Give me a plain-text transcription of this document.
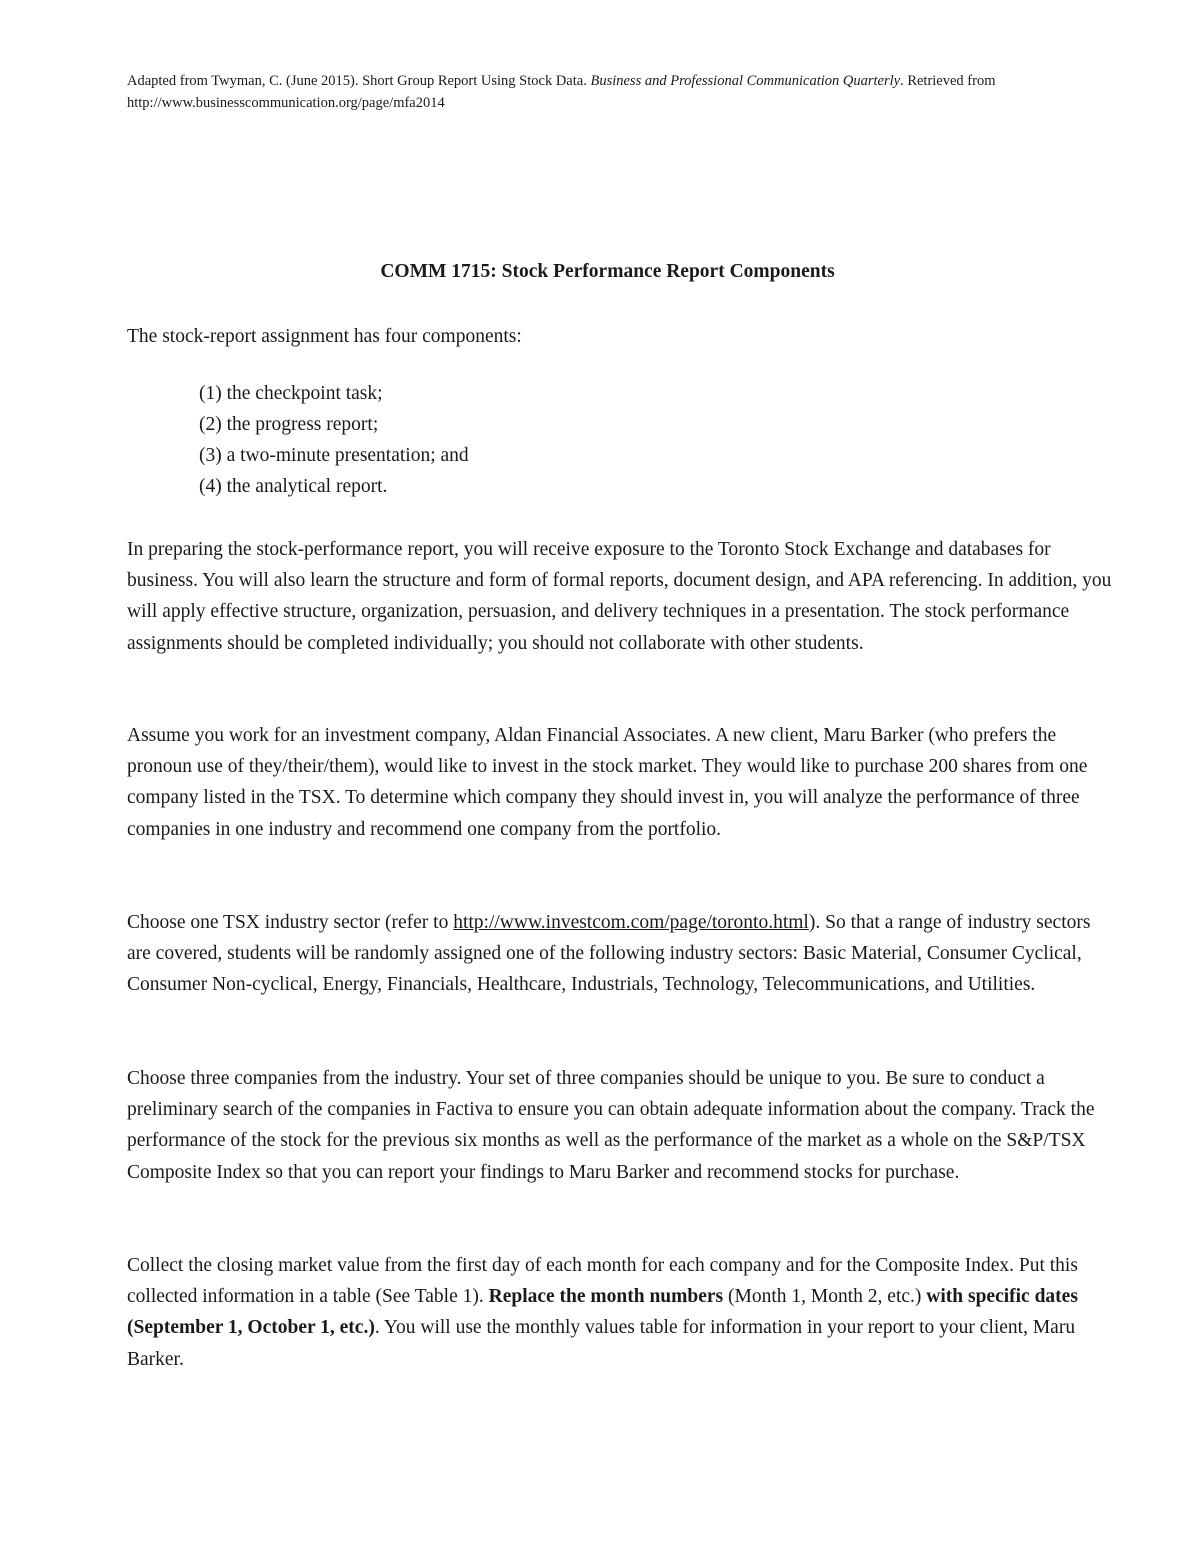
Adapted from Twyman, C. (June 2015). Short Group Report Using Stock Data. Business and Professional Communication Quarterly. Retrieved from http://www.businesscommunication.org/page/mfa2014
COMM 1715: Stock Performance Report Components

The stock-report assignment has four components:

(1) the checkpoint task;
(2) the progress report;
(3) a two-minute presentation; and
(4) the analytical report.

In preparing the stock-performance report, you will receive exposure to the Toronto Stock Exchange and databases for business. You will also learn the structure and form of formal reports, document design, and APA referencing. In addition, you will apply effective structure, organization, persuasion, and delivery techniques in a presentation. The stock performance assignments should be completed individually; you should not collaborate with other students.

Assume you work for an investment company, Aldan Financial Associates. A new client, Maru Barker (who prefers the pronoun use of they/their/them), would like to invest in the stock market. They would like to purchase 200 shares from one company listed in the TSX. To determine which company they should invest in, you will analyze the performance of three companies in one industry and recommend one company from the portfolio.

Choose one TSX industry sector (refer to http://www.investcom.com/page/toronto.html). So that a range of industry sectors are covered, students will be randomly assigned one of the following industry sectors: Basic Material, Consumer Cyclical, Consumer Non-cyclical, Energy, Financials, Healthcare, Industrials, Technology, Telecommunications, and Utilities.

Choose three companies from the industry. Your set of three companies should be unique to you. Be sure to conduct a preliminary search of the companies in Factiva to ensure you can obtain adequate information about the company. Track the performance of the stock for the previous six months as well as the performance of the market as a whole on the S&P/TSX Composite Index so that you can report your findings to Maru Barker and recommend stocks for purchase.

Collect the closing market value from the first day of each month for each company and for the Composite Index. Put this collected information in a table (See Table 1). Replace the month numbers (Month 1, Month 2, etc.) with specific dates (September 1, October 1, etc.). You will use the monthly values table for information in your report to your client, Maru Barker.
